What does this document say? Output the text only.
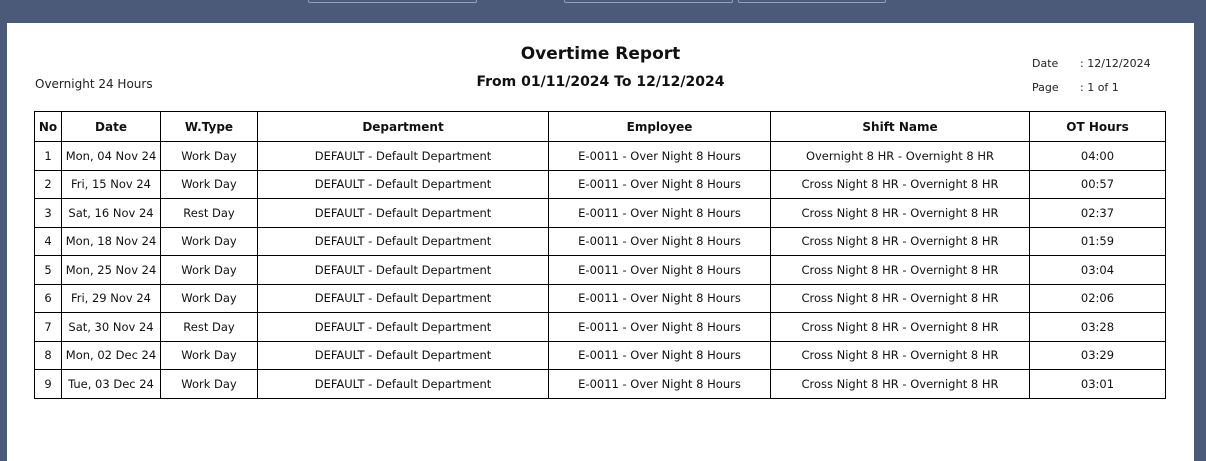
Overnight 24 Hours
Overtime Report
From 01/11/2024 To 12/12/2024
Date : 12/12/2024
Page : 1 of 1
No	Date	W.Type	Department	Employee	Shift Name	OT Hours
1	Mon, 04 Nov 24	Work Day	DEFAULT - Default Department	E-0011 - Over Night 8 Hours	Overnight 8 HR - Overnight 8 HR	04:00
2	Fri, 15 Nov 24	Work Day	DEFAULT - Default Department	E-0011 - Over Night 8 Hours	Cross Night 8 HR - Overnight 8 HR	00:57
3	Sat, 16 Nov 24	Rest Day	DEFAULT - Default Department	E-0011 - Over Night 8 Hours	Cross Night 8 HR - Overnight 8 HR	02:37
4	Mon, 18 Nov 24	Work Day	DEFAULT - Default Department	E-0011 - Over Night 8 Hours	Cross Night 8 HR - Overnight 8 HR	01:59
5	Mon, 25 Nov 24	Work Day	DEFAULT - Default Department	E-0011 - Over Night 8 Hours	Cross Night 8 HR - Overnight 8 HR	03:04
6	Fri, 29 Nov 24	Work Day	DEFAULT - Default Department	E-0011 - Over Night 8 Hours	Cross Night 8 HR - Overnight 8 HR	02:06
7	Sat, 30 Nov 24	Rest Day	DEFAULT - Default Department	E-0011 - Over Night 8 Hours	Cross Night 8 HR - Overnight 8 HR	03:28
8	Mon, 02 Dec 24	Work Day	DEFAULT - Default Department	E-0011 - Over Night 8 Hours	Cross Night 8 HR - Overnight 8 HR	03:29
9	Tue, 03 Dec 24	Work Day	DEFAULT - Default Department	E-0011 - Over Night 8 Hours	Cross Night 8 HR - Overnight 8 HR	03:01
